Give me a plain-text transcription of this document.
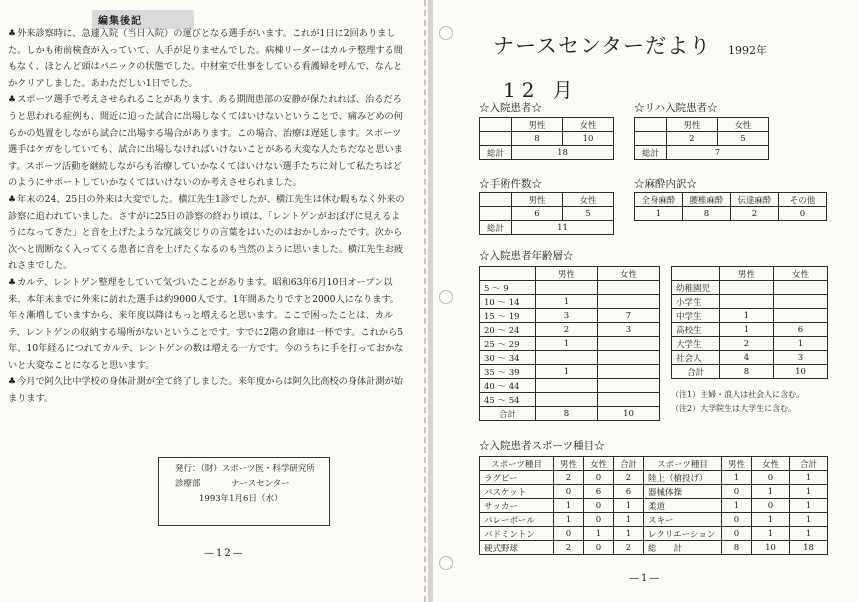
編集後記

♣外来診察時に、急遽入院（当日入院）の運びとなる選手がいます。これが1日に2回ありました。しかも術前検査が入っていて、人手が足りませんでした。病棟リーダーはカルテ整理する間もなく、ほとんど頭はパニックの状態でした。中材室で仕事をしている看護婦を呼んで、なんとかクリアしました。あわただしい1日でした。

♣スポーツ選手で考えさせられることがあります。ある期間患部の安静が保たれれば、治るだろうと思われる症例も、間近に迫った試合に出場しなくてはいけないということで、痛みどめの何らかの処置をしながら試合に出場する場合があります。この場合、治療は遅延します。スポーツ選手はケガをしていても、試合に出場しなければいけないことがある大変な人たちだなと思います。スポーツ活動を継続しながらも治療していかなくてはいけない選手たちに対して私たちはどのようにサポートしていかなくてはいけないのか考えさせられました。

♣年末の24、25日の外来は大変でした。横江先生1診でしたが、横江先生は休む暇もなく外来の診察に追われていました。さすがに25日の診察の終わり頃は、「レントゲンがおぼげに見えるようになってきた」と音を上げたような冗談交じりの言葉をはいたのはおかしかったです。次から次へと間断なく入ってくる患者に音を上げたくなるのも当然のように思いました。横江先生お疲れさまでした。

♣カルテ、レントゲン整理をしていて気づいたことがあります。昭和63年6月10日オープン以来、本年末までに外来に訪れた選手は約9000人です。1年間あたりですと2000人になります。年々漸増していますから、来年度以降はもっと増えると思います。ここで困ったことは、カルテ、レントゲンの収納する場所がないということです。すでに2階の倉庫は一杯です。これから5年、10年経るにつれてカルテ、レントゲンの数は増える一方です。今のうちに手を打っておかないと大変なことになると思います。

♣今月で阿久比中学校の身体計測が全て終了しました。来年度からは阿久比高校の身体計測が始まります。

発行：（財）スポーツ医・科学研究所
診療部	ナースセンター
1993年1月6日（水）
—12—
ナースセンターだより 1992年
12 月
☆入院患者☆
	男性	女性
	8	10
総計	18	
☆リハ入院患者☆
	男性	女性
	2	5
総計	7	
☆手術件数☆
	男性	女性
	6	5
総計	11	
☆麻酔内訳☆
全身麻酔	腰椎麻酔	伝達麻酔	その他
1	8	2	0
☆入院患者年齢層☆
	男性	女性
5 ～ 9		
10 ～ 14	1	
15 ～ 19	3	7
20 ～ 24	2	3
25 ～ 29	1	
30 ～ 34		
35 ～ 39	1	
40 ～ 44		
45 ～ 54		
合計	8	10
	男性	女性
幼稚園児		
小学生		
中学生	1	
高校生	1	6
大学生	2	1
社会人	4	3
合計	8	10
（注1）主婦・浪人は社会人に含む。
（注2）大学院生は大学生に含む。
☆入院患者スポーツ種目☆
スポーツ種目	男性	女性	合計	スポーツ種目	男性	女性	合計
ラグビー	2	0	2	陸上（槍投げ）	1	0	1
バスケット	0	6	6	器械体操	0	1	1
サッカー	1	0	1	柔道	1	0	1
バレーボール	1	0	1	スキー	0	1	1
バドミントン	0	1	1	レクリエーション	0	1	1
硬式野球	2	0	2	総　　計	8	10	18
—1—
